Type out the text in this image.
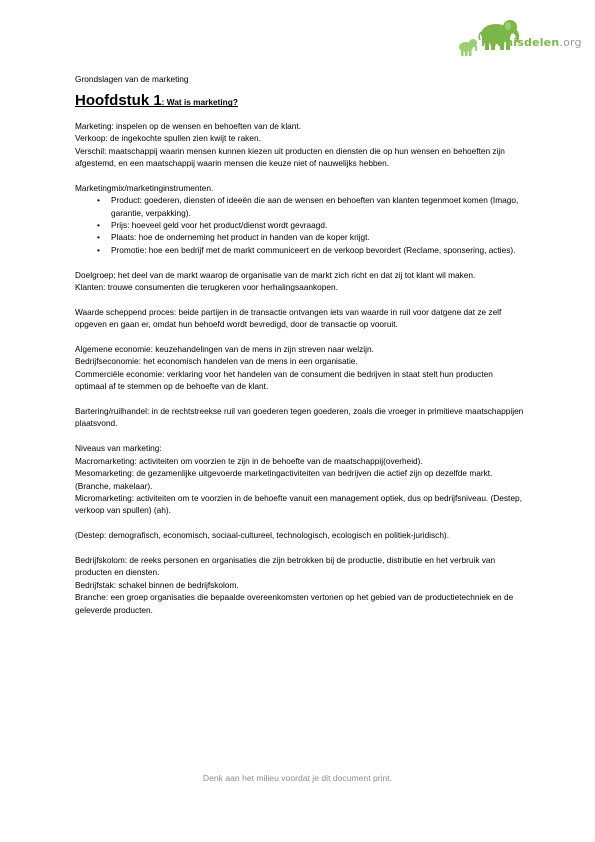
Kennisdelen.org

Grondslagen van de marketing

Hoofdstuk 1: Wat is marketing?

Marketing: inspelen op de wensen en behoeften van de klant.

Verkoop: de ingekochte spullen zien kwijt te raken.

Verschil: maatschappij waarin mensen kunnen kiezen uit producten en diensten die op hun wensen en behoeften zijn afgestemd, en een maatschappij waarin mensen die keuze niet of nauwelijks hebben.

Marketingmix/marketinginstrumenten.

• Product: goederen, diensten of ideeën die aan de wensen en behoeften van klanten tegenmoet komen (Imago, garantie, verpakking).
• Prijs: hoeveel geld voor het product/dienst wordt gevraagd.
• Plaats: hoe de onderneming het product in handen van de koper krijgt.
• Promotie: hoe een bedrijf met de markt communiceert en de verkoop bevordert (Reclame, sponsering, acties).

Doelgroep: het deel van de markt waarop de organisatie van de markt zich richt en dat zij tot klant wil maken.

Klanten: trouwe consumenten die terugkeren voor herhalingsaankopen.

Waarde scheppend proces: beide partijen in de transactie ontvangen iets van waarde in ruil voor datgene dat ze zelf opgeven en gaan er, omdat hun behoefd wordt bevredigd, door de transactie op vooruit.

Algemene economie: keuzehandelingen van de mens in zijn streven naar welzijn.

Bedrijfseconomie: het economisch handelen van de mens in een organisatie.

Commerciële economie: verklaring voor het handelen van de consument die bedrijven in staat stelt hun producten optimaal af te stemmen op de behoefte van de klant.

Bartering/ruilhandel: in de rechtstreekse ruil van goederen tegen goederen, zoals die vroeger in primitieve maatschappijen plaatsvond.

Niveaus van marketing:

Macromarketing: activiteiten om voorzien te zijn in de behoefte van de maatschappij(overheid).

Mesomarketing: de gezamenlijke uitgevoerde marketingactiviteiten van bedrijven die actief zijn op dezelfde markt. (Branche, makelaar).

Micromarketing: activiteiten om te voorzien in de behoefte vanuit een management optiek, dus op bedrijfsniveau. (Destep, verkoop van spullen) (ah).

(Destep: demografisch, economisch, sociaal-cultureel, technologisch, ecologisch en politiek-juridisch).

Bedrijfskolom: de reeks personen en organisaties die zijn betrokken bij de productie, distributie en het verbruik van producten en diensten.

Bedrijfstak: schakel binnen de bedrijfskolom.

Branche: een groep organisaties die bepaalde overeenkomsten vertonen op het gebied van de productietechniek en de geleverde producten.

Denk aan het milieu voordat je dit document print.
